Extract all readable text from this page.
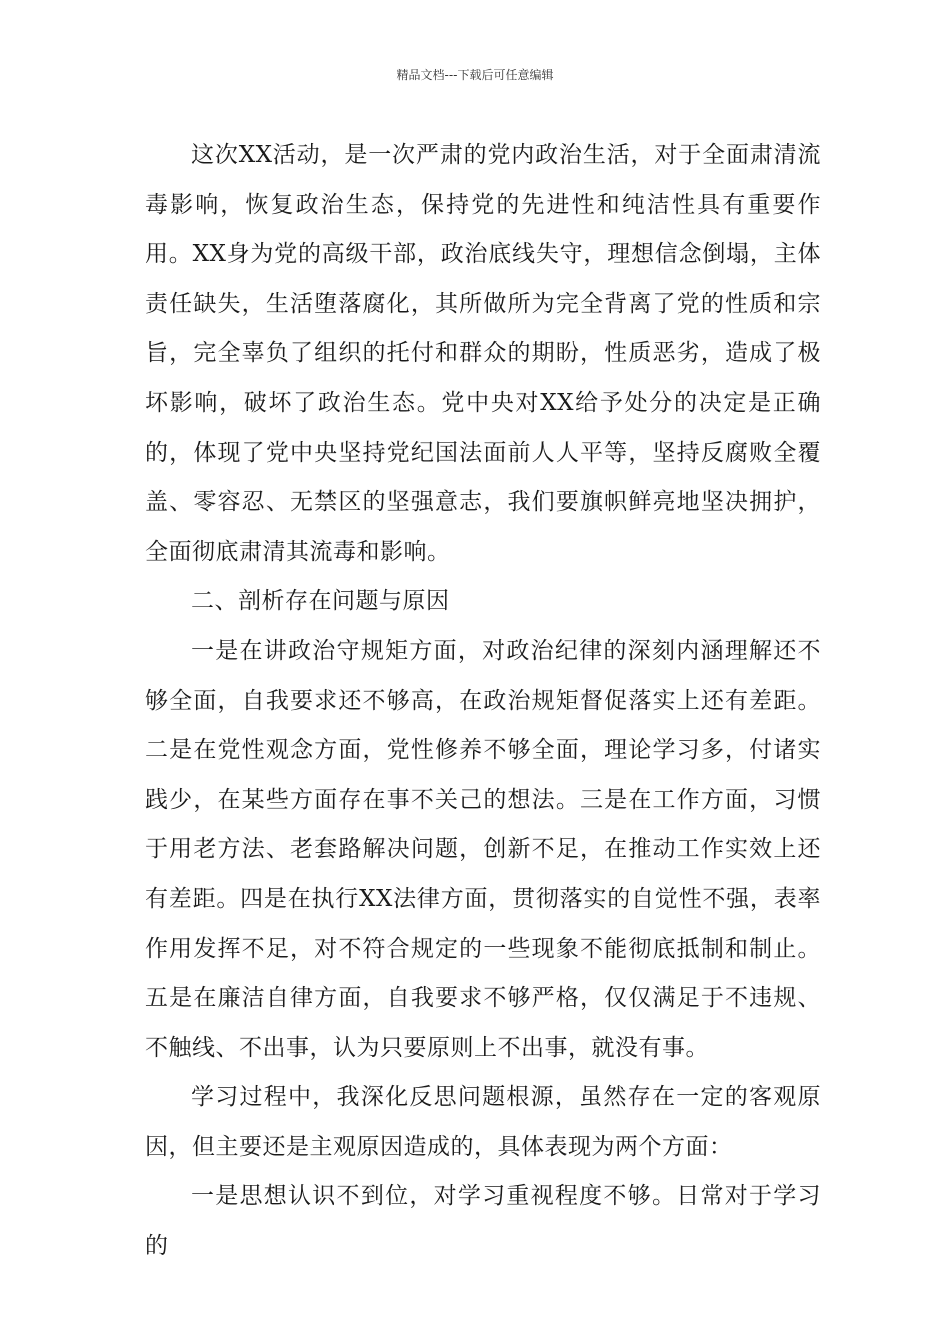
精品文档---下载后可任意编辑

这次XX活动，是一次严肃的党内政治生活，对于全面肃清流毒影响，恢复政治生态，保持党的先进性和纯洁性具有重要作用。XX身为党的高级干部，政治底线失守，理想信念倒塌，主体责任缺失，生活堕落腐化，其所做所为完全背离了党的性质和宗旨，完全辜负了组织的托付和群众的期盼，性质恶劣，造成了极坏影响，破坏了政治生态。党中央对XX给予处分的决定是正确的，体现了党中央坚持党纪国法面前人人平等，坚持反腐败全覆盖、零容忍、无禁区的坚强意志，我们要旗帜鲜亮地坚决拥护，全面彻底肃清其流毒和影响。

二、剖析存在问题与原因

一是在讲政治守规矩方面，对政治纪律的深刻内涵理解还不够全面，自我要求还不够高，在政治规矩督促落实上还有差距。二是在党性观念方面，党性修养不够全面，理论学习多，付诸实践少，在某些方面存在事不关己的想法。三是在工作方面，习惯于用老方法、老套路解决问题，创新不足，在推动工作实效上还有差距。四是在执行XX法律方面，贯彻落实的自觉性不强，表率作用发挥不足，对不符合规定的一些现象不能彻底抵制和制止。五是在廉洁自律方面，自我要求不够严格，仅仅满足于不违规、不触线、不出事，认为只要原则上不出事，就没有事。

学习过程中，我深化反思问题根源，虽然存在一定的客观原因，但主要还是主观原因造成的，具体表现为两个方面：

一是思想认识不到位，对学习重视程度不够。日常对于学习的
